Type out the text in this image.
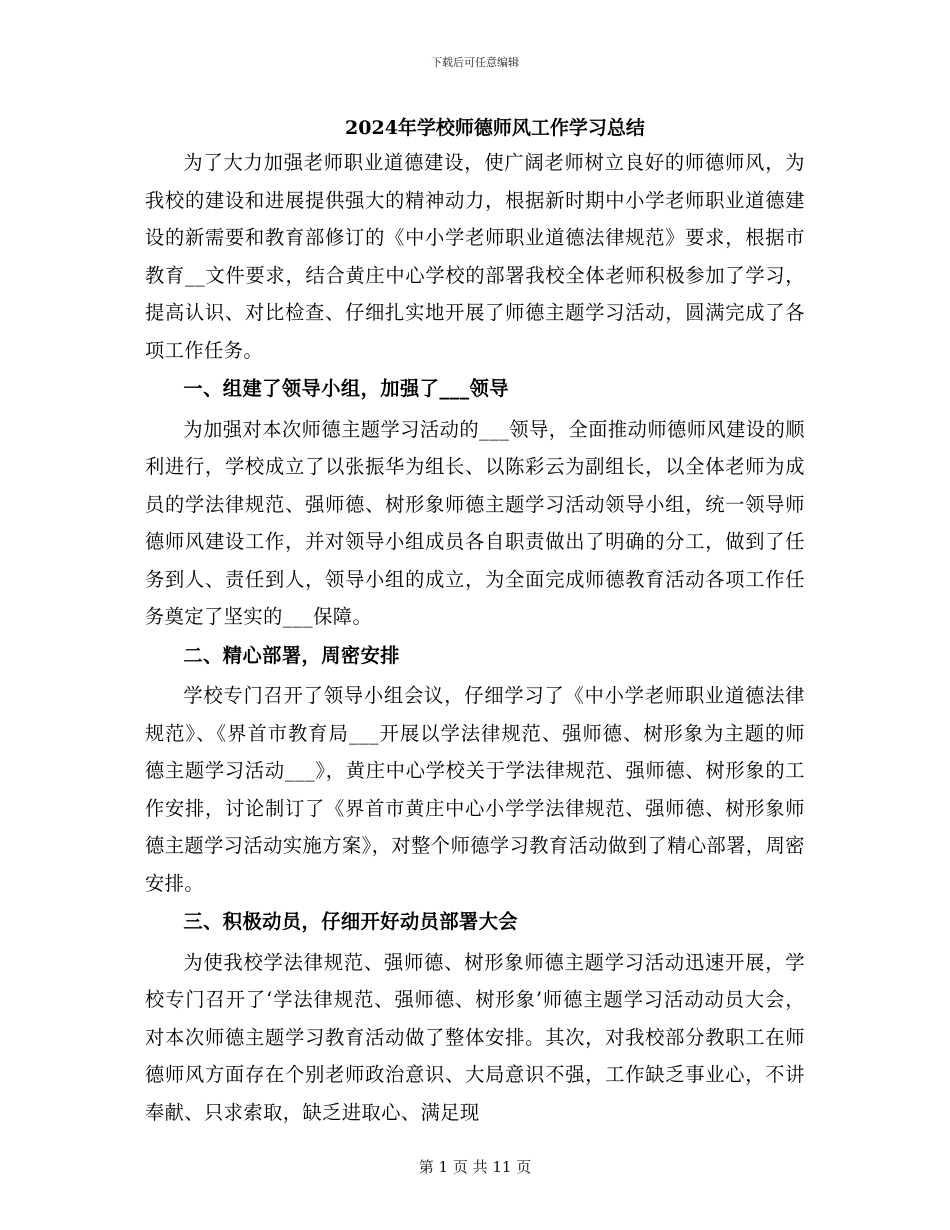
下载后可任意编辑
2024年学校师德师风工作学习总结

为了大力加强老师职业道德建设，使广阔老师树立良好的师德师风，为我校的建设和进展提供强大的精神动力，根据新时期中小学老师职业道德建设的新需要和教育部修订的《中小学老师职业道德法律规范》要求，根据市教育__文件要求，结合黄庄中心学校的部署我校全体老师积极参加了学习，提高认识、对比检查、仔细扎实地开展了师德主题学习活动，圆满完成了各项工作任务。

一、组建了领导小组，加强了___领导

为加强对本次师德主题学习活动的___领导，全面推动师德师风建设的顺利进行，学校成立了以张振华为组长、以陈彩云为副组长，以全体老师为成员的学法律规范、强师德、树形象师德主题学习活动领导小组，统一领导师德师风建设工作，并对领导小组成员各自职责做出了明确的分工，做到了任务到人、责任到人，领导小组的成立，为全面完成师德教育活动各项工作任务奠定了坚实的___保障。

二、精心部署，周密安排

学校专门召开了领导小组会议，仔细学习了《中小学老师职业道德法律规范》、《界首市教育局___开展以学法律规范、强师德、树形象为主题的师德主题学习活动___》，黄庄中心学校关于学法律规范、强师德、树形象的工作安排，讨论制订了《界首市黄庄中心小学学法律规范、强师德、树形象师德主题学习活动实施方案》，对整个师德学习教育活动做到了精心部署，周密安排。

三、积极动员，仔细开好动员部署大会

为使我校学法律规范、强师德、树形象师德主题学习活动迅速开展，学校专门召开了‘学法律规范、强师德、树形象’师德主题学习活动动员大会，对本次师德主题学习教育活动做了整体安排。其次，对我校部分教职工在师德师风方面存在个别老师政治意识、大局意识不强，工作缺乏事业心，不讲奉献、只求索取，缺乏进取心、满足现

第 1 页 共 11 页
